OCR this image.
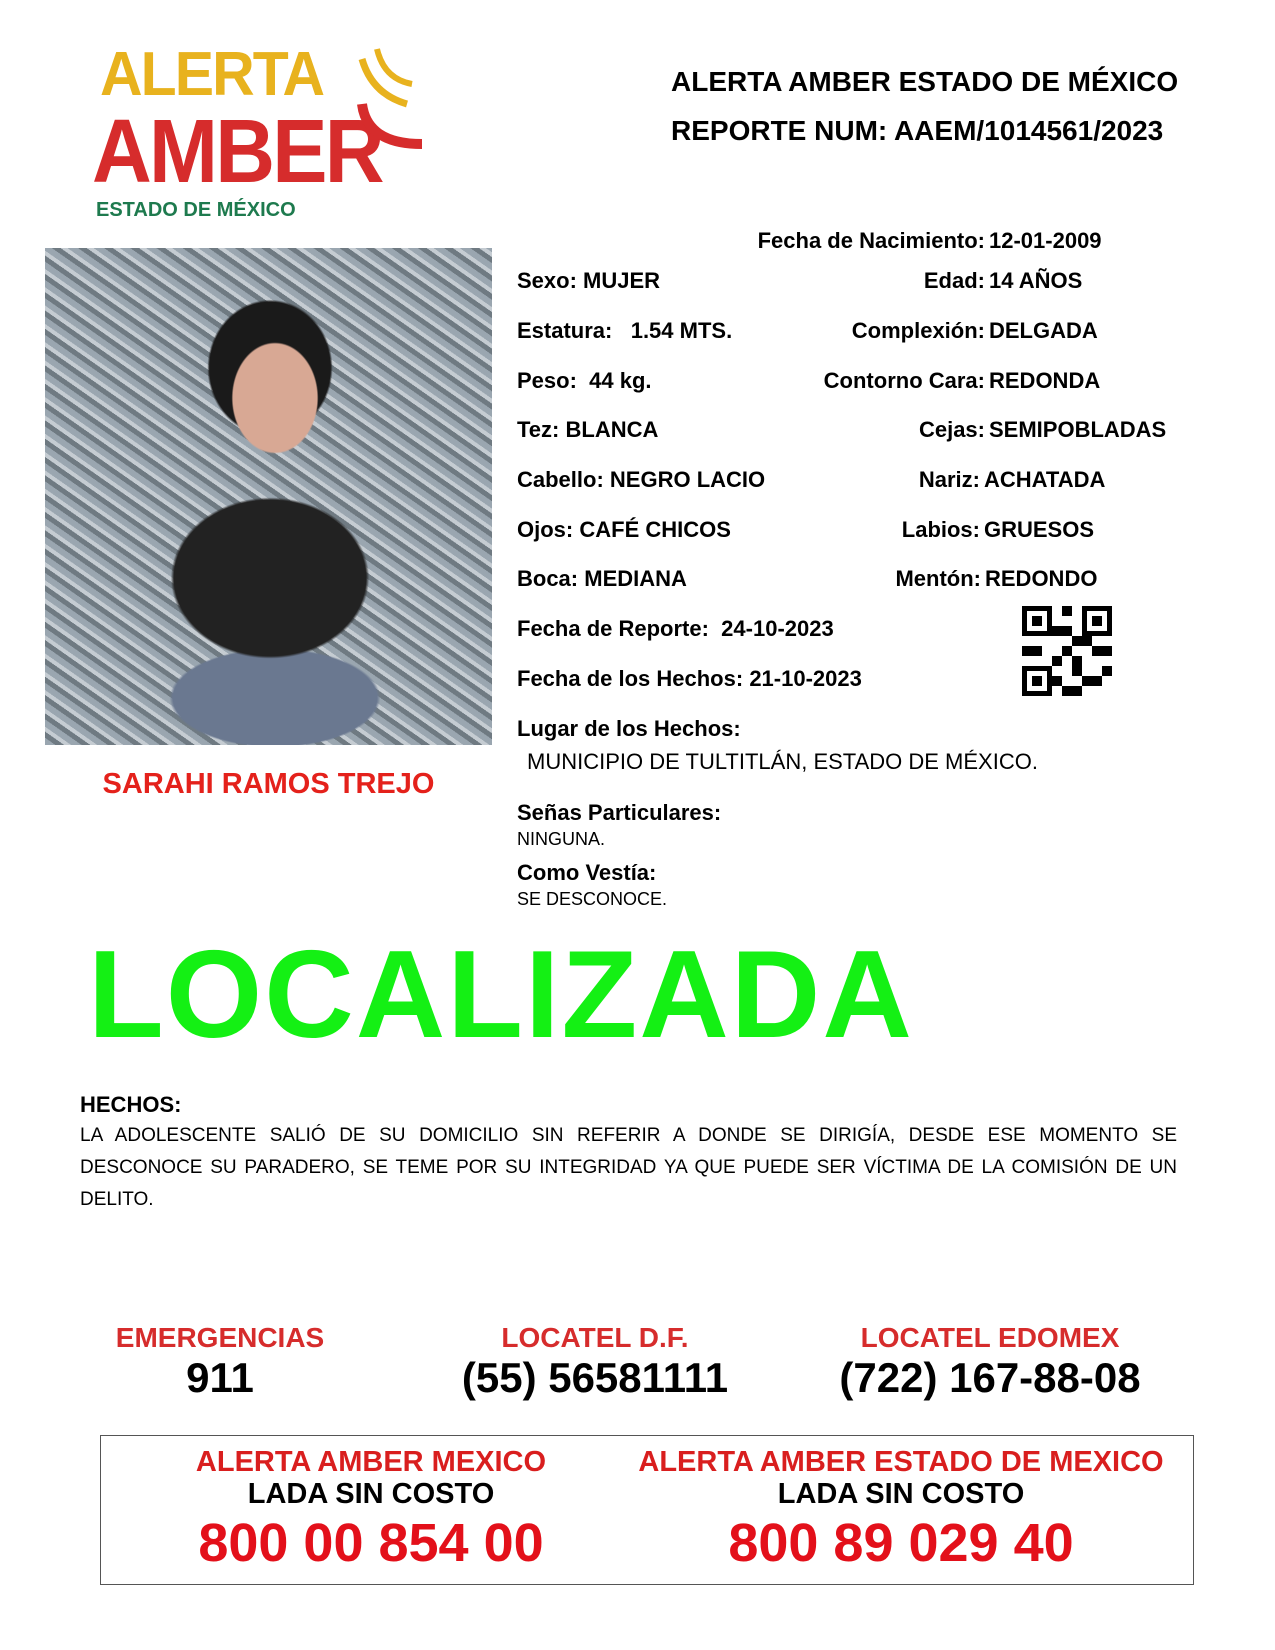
ALERTA
AMBER
ESTADO DE MÉXICO
ALERTA AMBER ESTADO DE MÉXICO
REPORTE NUM: AAEM/1014561/2023
SARAHI RAMOS TREJO
Fecha de Nacimiento: 12-01-2009
Sexo: MUJER	Edad: 14 AÑOS
Estatura: 1.54 MTS.	Complexión: DELGADA
Peso: 44 kg.	Contorno Cara: REDONDA
Tez: BLANCA	Cejas: SEMIPOBLADAS
Cabello: NEGRO LACIO	Nariz: ACHATADA
Ojos: CAFÉ CHICOS	Labios: GRUESOS
Boca: MEDIANA	Mentón: REDONDO
Fecha de Reporte: 24-10-2023
Fecha de los Hechos: 21-10-2023
Lugar de los Hechos:
MUNICIPIO DE TULTITLÁN, ESTADO DE MÉXICO.
Señas Particulares:
NINGUNA.
Como Vestía:
SE DESCONOCE.
LOCALIZADA
HECHOS:

LA ADOLESCENTE SALIÓ DE SU DOMICILIO SIN REFERIR A DONDE SE DIRIGÍA, DESDE ESE MOMENTO SE DESCONOCE SU PARADERO, SE TEME POR SU INTEGRIDAD YA QUE PUEDE SER VÍCTIMA DE LA COMISIÓN DE UN DELITO.

EMERGENCIAS
911
LOCATEL D.F.
(55) 56581111
LOCATEL EDOMEX
(722) 167-88-08
ALERTA AMBER MEXICO
LADA SIN COSTO
800 00 854 00
ALERTA AMBER ESTADO DE MEXICO
LADA SIN COSTO
800 89 029 40
